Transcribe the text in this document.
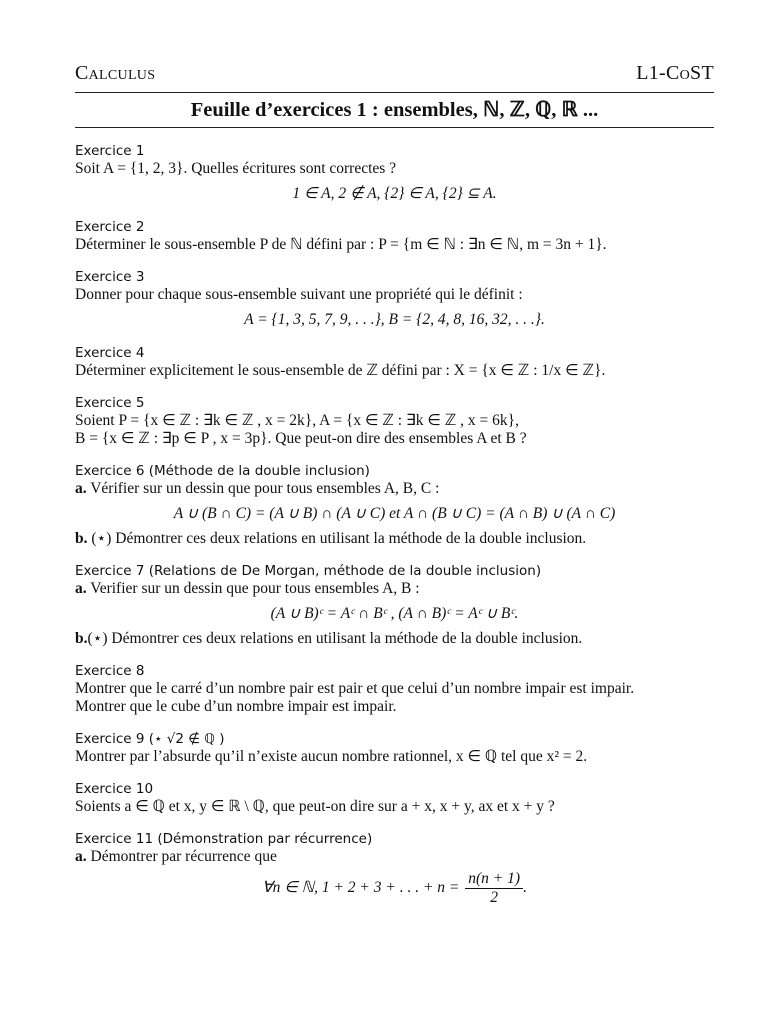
Calculus	L1-CoST
Feuille d’exercices 1 : ensembles, ℕ, ℤ, ℚ, ℝ ...
Exercice 1
Soit A = {1, 2, 3}. Quelles écritures sont correctes ?
1 ∈ A, 2 ∉ A, {2} ∈ A, {2} ⊆ A.
Exercice 2
Déterminer le sous-ensemble P de ℕ défini par : P = {m ∈ ℕ : ∃n ∈ ℕ, m = 3n + 1}.
Exercice 3
Donner pour chaque sous-ensemble suivant une propriété qui le définit :
A = {1, 3, 5, 7, 9, . . .}, B = {2, 4, 8, 16, 32, . . .}.
Exercice 4
Déterminer explicitement le sous-ensemble de ℤ défini par : X = {x ∈ ℤ : 1/x ∈ ℤ}.
Exercice 5
Soient P = {x ∈ ℤ : ∃k ∈ ℤ , x = 2k}, A = {x ∈ ℤ : ∃k ∈ ℤ , x = 6k},
B = {x ∈ ℤ : ∃p ∈ P , x = 3p}. Que peut-on dire des ensembles A et B ?
Exercice 6 (Méthode de la double inclusion)
a. Vérifier sur un dessin que pour tous ensembles A, B, C :
A ∪ (B ∩ C) = (A ∪ B) ∩ (A ∪ C) et A ∩ (B ∪ C) = (A ∩ B) ∪ (A ∩ C)
b. (⋆) Démontrer ces deux relations en utilisant la méthode de la double inclusion.
Exercice 7 (Relations de De Morgan, méthode de la double inclusion)
a. Verifier sur un dessin que pour tous ensembles A, B :
(A ∪ B)ᶜ = Aᶜ ∩ Bᶜ , (A ∩ B)ᶜ = Aᶜ ∪ Bᶜ.
b.(⋆) Démontrer ces deux relations en utilisant la méthode de la double inclusion.
Exercice 8
Montrer que le carré d’un nombre pair est pair et que celui d’un nombre impair est impair.
Montrer que le cube d’un nombre impair est impair.
Exercice 9 (⋆ √2 ∉ ℚ )
Montrer par l’absurde qu’il n’existe aucun nombre rationnel, x ∈ ℚ tel que x² = 2.
Exercice 10
Soients a ∈ ℚ et x, y ∈ ℝ \ ℚ, que peut-on dire sur a + x, x + y, ax et x + y ?
Exercice 11 (Démonstration par récurrence)
a. Démontrer par récurrence que
∀n ∈ ℕ, 1 + 2 + 3 + . . . + $n = \frac{n(n + 1)}{2}$ .
